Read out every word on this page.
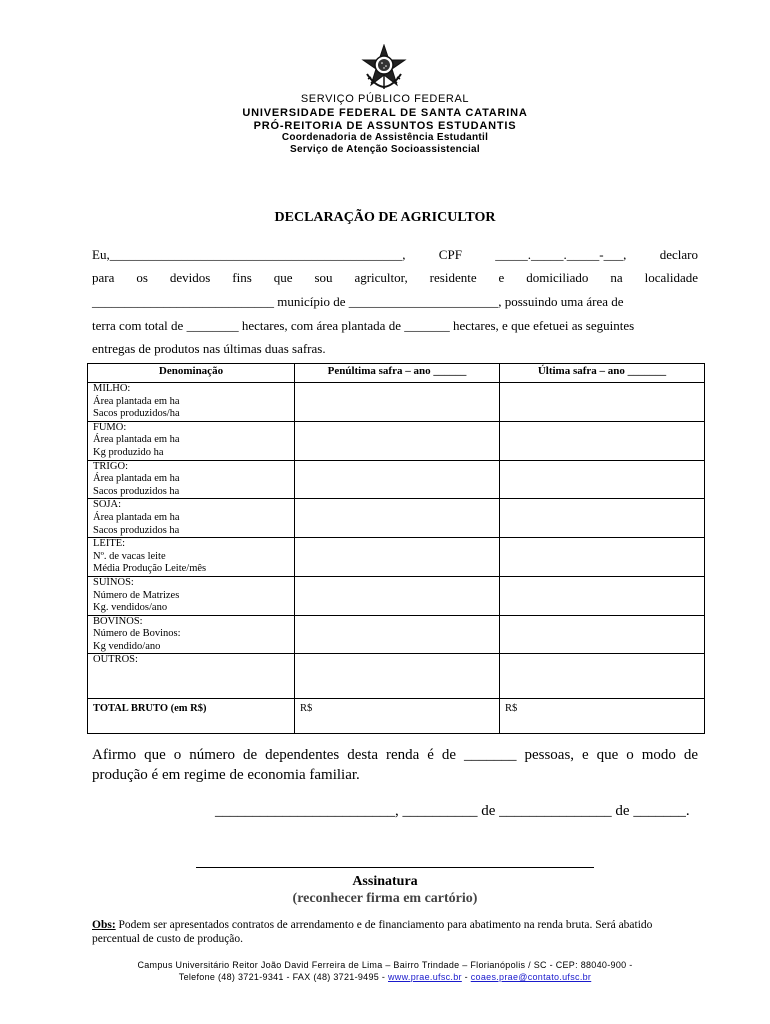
SERVIÇO PÚBLICO FEDERAL
UNIVERSIDADE FEDERAL DE SANTA CATARINA
PRÓ-REITORIA DE ASSUNTOS ESTUDANTIS
Coordenadoria de Assistência Estudantil
Serviço de Atenção Socioassistencial
DECLARAÇÃO DE AGRICULTOR
Eu,_____________________________________________,	CPF	_____._____._____-___,	declaro
para os devidos fins que sou agricultor, residente e domiciliado na localidade
____________________________ município de _______________________, possuindo uma área de
terra com total de ________ hectares, com área plantada de _______ hectares, e que efetuei as seguintes
entregas de produtos nas últimas duas safras.
Denominação	Penúltima safra – ano ______	Última safra – ano _______

MILHO:
Área plantada em ha
Sacos produzidos/ha		

FUMO:
Área plantada em ha
Kg produzido ha		

TRIGO:
Área plantada em ha
Sacos produzidos ha		

SOJA:
Área plantada em ha
Sacos produzidos ha		

LEITE:
Nº. de vacas leite
Média Produção Leite/mês		

SUÍNOS:
Número de Matrizes
Kg. vendidos/ano		

BOVINOS:
Número de Bovinos:
Kg vendido/ano		

OUTROS:		

TOTAL BRUTO (em R$)	R$	R$
Afirmo que o número de dependentes desta renda é de _______ pessoas, e que o modo de
produção é em regime de economia familiar.
________________________, __________ de _______________ de _______.
Assinatura
(reconhecer firma em cartório)
Obs: Podem ser apresentados contratos de arrendamento e de financiamento para abatimento na renda bruta. Será abatido percentual de custo de produção.
Campus Universitário Reitor João David Ferreira de Lima – Bairro Trindade – Florianópolis / SC - CEP: 88040-900 -
Telefone (48) 3721-9341 - FAX (48) 3721-9495 - www.prae.ufsc.br - coaes.prae@contato.ufsc.br
